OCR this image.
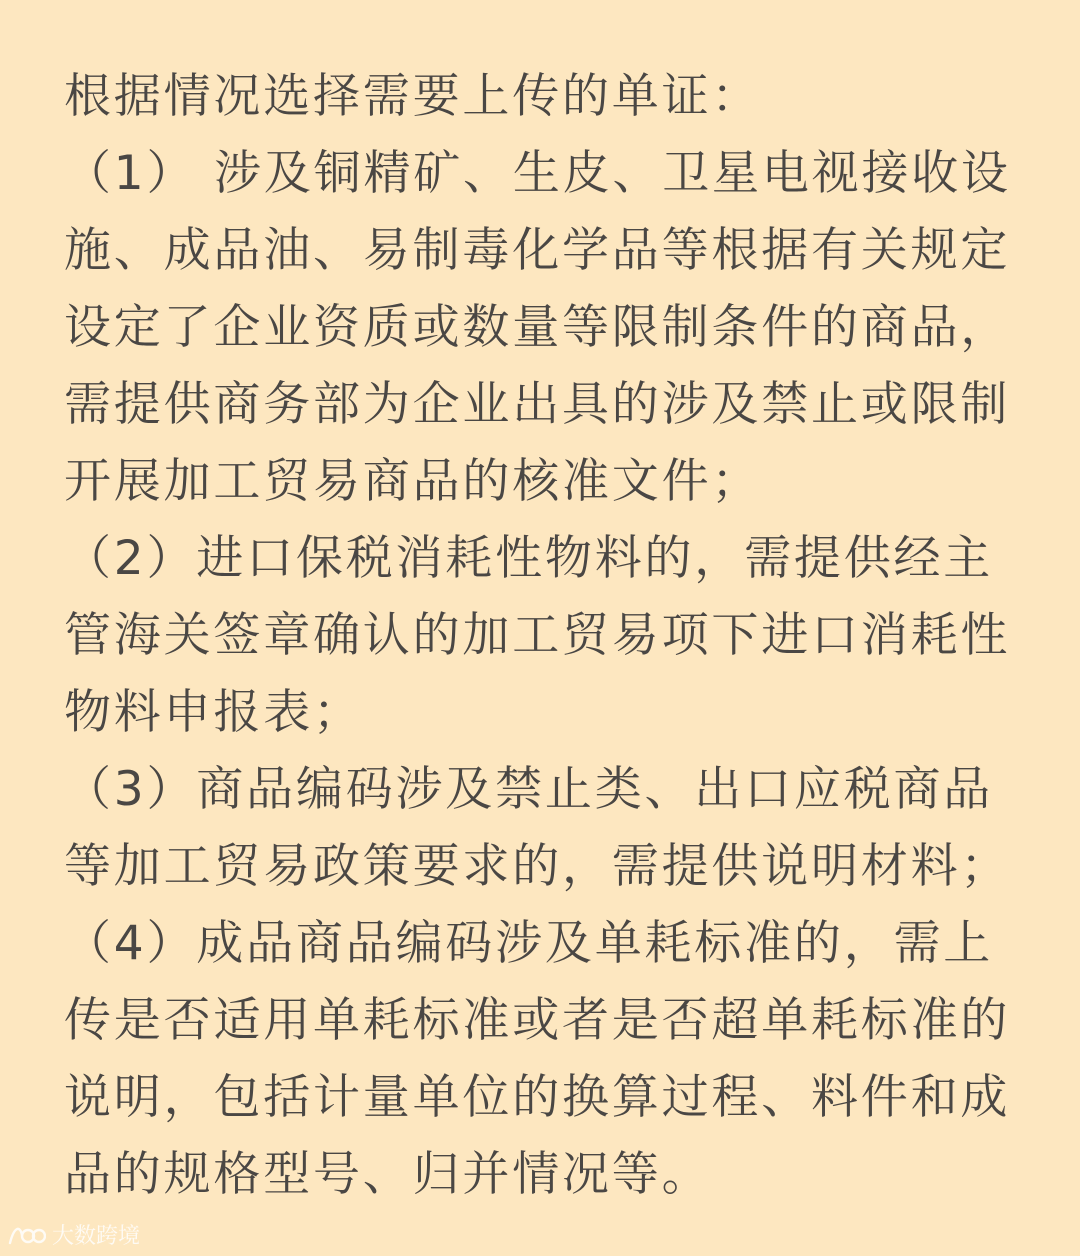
根据情况选择需要上传的单证：
（1） 涉及铜精矿、生皮、卫星电视接收设
施、成品油、易制毒化学品等根据有关规定
设定了企业资质或数量等限制条件的商品，
需提供商务部为企业出具的涉及禁止或限制
开展加工贸易商品的核准文件；
（2）进口保税消耗性物料的，需提供经主
管海关签章确认的加工贸易项下进口消耗性
物料申报表；
（3）商品编码涉及禁止类、出口应税商品
等加工贸易政策要求的，需提供说明材料；
（4）成品商品编码涉及单耗标准的，需上
传是否适用单耗标准或者是否超单耗标准的
说明，包括计量单位的换算过程、料件和成
品的规格型号、归并情况等。
大数跨境
